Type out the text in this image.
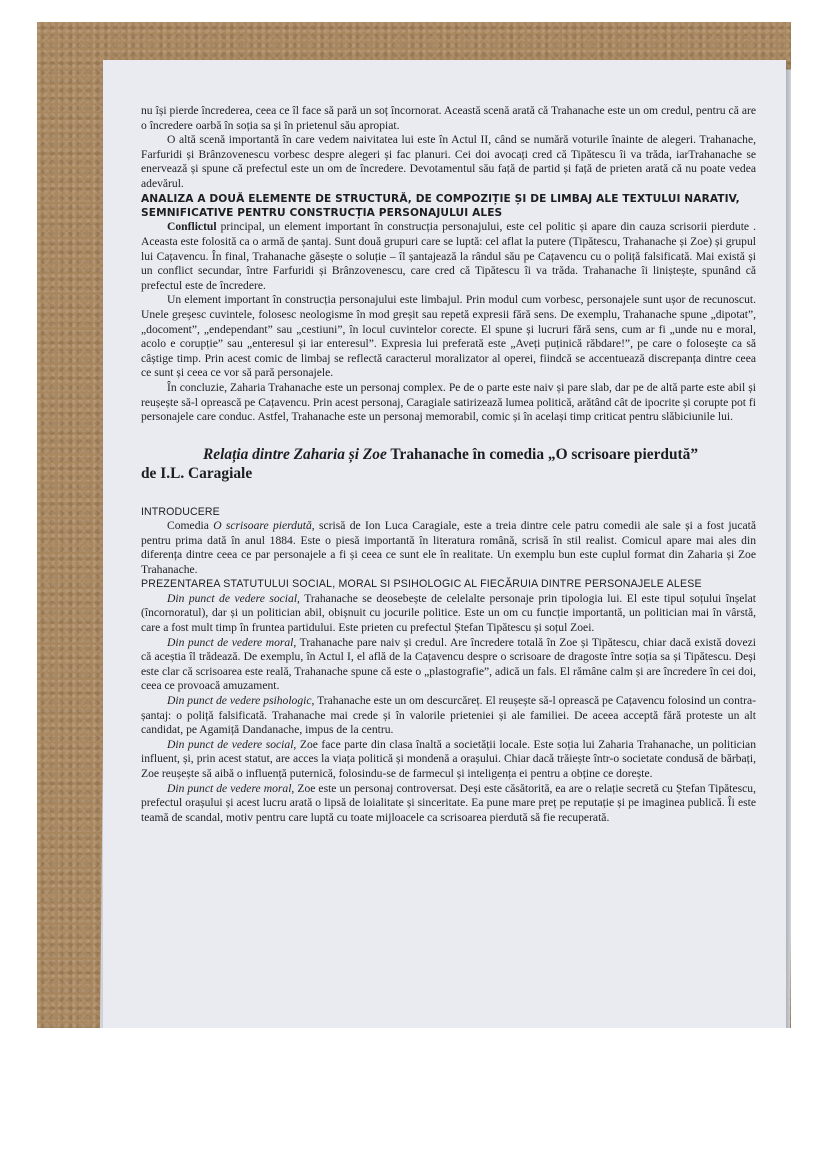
nu își pierde încrederea, ceea ce îl face să pară un soț încornorat. Această scenă arată că Trahanache este un om credul, pentru că are o încredere oarbă în soția sa și în prietenul său apropiat.

O altă scenă importantă în care vedem naivitatea lui este în Actul II, când se numără voturile înainte de alegeri. Trahanache, Farfuridi și Brânzovenescu vorbesc despre alegeri și fac planuri. Cei doi avocați cred că Tipătescu îi va trăda, iarTrahanache se enervează și spune că prefectul este un om de încredere. Devotamentul său față de partid și față de prieten arată că nu poate vedea adevărul.

ANALIZA A DOUĂ ELEMENTE DE STRUCTURĂ, DE COMPOZIȚIE ȘI DE LIMBAJ ALE TEXTULUI NARATIV, SEMNIFICATIVE PENTRU CONSTRUCȚIA PERSONAJULUI ALES

Conflictul principal, un element important în construcția personajului, este cel politic și apare din cauza scrisorii pierdute . Aceasta este folosită ca o armă de șantaj. Sunt două grupuri care se luptă: cel aflat la putere (Tipătescu, Trahanache și Zoe) și grupul lui Cațavencu. În final, Trahanache găsește o soluție – îl șantajează la rândul său pe Cațavencu cu o poliță falsificată. Mai există și un conflict secundar, între Farfuridi și Brânzovenescu, care cred că Tipătescu îi va trăda. Trahanache îi liniștește, spunând că prefectul este de încredere.

Un element important în construcția personajului este limbajul. Prin modul cum vorbesc, personajele sunt ușor de recunoscut. Unele greșesc cuvintele, folosesc neologisme în mod greșit sau repetă expresii fără sens. De exemplu, Trahanache spune „dipotat”, „docoment”, „endependant” sau „cestiuni”, în locul cuvintelor corecte. El spune și lucruri fără sens, cum ar fi „unde nu e moral, acolo e corupție” sau „enteresul și iar enteresul”. Expresia lui preferată este „Aveți puținică răbdare!”, pe care o folosește ca să câștige timp. Prin acest comic de limbaj se reflectă caracterul moralizator al operei, fiindcă se accentuează discrepanța dintre ceea ce sunt și ceea ce vor să pară personajele.

În concluzie, Zaharia Trahanache este un personaj complex. Pe de o parte este naiv și pare slab, dar pe de altă parte este abil și reușește să-l oprească pe Cațavencu. Prin acest personaj, Caragiale satirizează lumea politică, arătând cât de ipocrite și corupte pot fi personajele care conduc. Astfel, Trahanache este un personaj memorabil, comic și în același timp criticat pentru slăbiciunile lui.

Relația dintre Zaharia și Zoe Trahanache în comedia „O scrisoare pierdută”
de I.L. Caragiale

INTRODUCERE

Comedia O scrisoare pierdută, scrisă de Ion Luca Caragiale, este a treia dintre cele patru comedii ale sale și a fost jucată pentru prima dată în anul 1884. Este o piesă importantă în literatura română, scrisă în stil realist. Comicul apare mai ales din diferența dintre ceea ce par personajele a fi și ceea ce sunt ele în realitate. Un exemplu bun este cuplul format din Zaharia și Zoe Trahanache.

PREZENTAREA STATUTULUI SOCIAL, MORAL SI PSIHOLOGIC AL FIECĂRUIA DINTRE PERSONAJELE ALESE

Din punct de vedere social, Trahanache se deosebește de celelalte personaje prin tipologia lui. El este tipul soțului înșelat (încornoratul), dar și un politician abil, obișnuit cu jocurile politice. Este un om cu funcție importantă, un politician mai în vârstă, care a fost mult timp în fruntea partidului. Este prieten cu prefectul Ștefan Tipătescu și soțul Zoei.

Din punct de vedere moral, Trahanache pare naiv și credul. Are încredere totală în Zoe și Tipătescu, chiar dacă există dovezi că aceștia îl trădează. De exemplu, în Actul I, el află de la Cațavencu despre o scrisoare de dragoste între soția sa și Tipătescu. Deși este clar că scrisoarea este reală, Trahanache spune că este o „plastografie”, adică un fals. El rămâne calm și are încredere în cei doi, ceea ce provoacă amuzament.

Din punct de vedere psihologic, Trahanache este un om descurcăreț. El reușește să-l oprească pe Cațavencu folosind un contra-șantaj: o poliță falsificată. Trahanache mai crede și în valorile prieteniei și ale familiei. De aceea acceptă fără proteste un alt candidat, pe Agamiță Dandanache, impus de la centru.

Din punct de vedere social, Zoe face parte din clasa înaltă a societății locale. Este soția lui Zaharia Trahanache, un politician influent, și, prin acest statut, are acces la viața politică și mondenă a orașului. Chiar dacă trăiește într-o societate condusă de bărbați, Zoe reușește să aibă o influență puternică, folosindu-se de farmecul și inteligența ei pentru a obține ce dorește.

Din punct de vedere moral, Zoe este un personaj controversat. Deși este căsătorită, ea are o relație secretă cu Ștefan Tipătescu, prefectul orașului și acest lucru arată o lipsă de loialitate și sinceritate. Ea pune mare preț pe reputație și pe imaginea publică. Îi este teamă de scandal, motiv pentru care luptă cu toate mijloacele ca scrisoarea pierdută să fie recuperată.
